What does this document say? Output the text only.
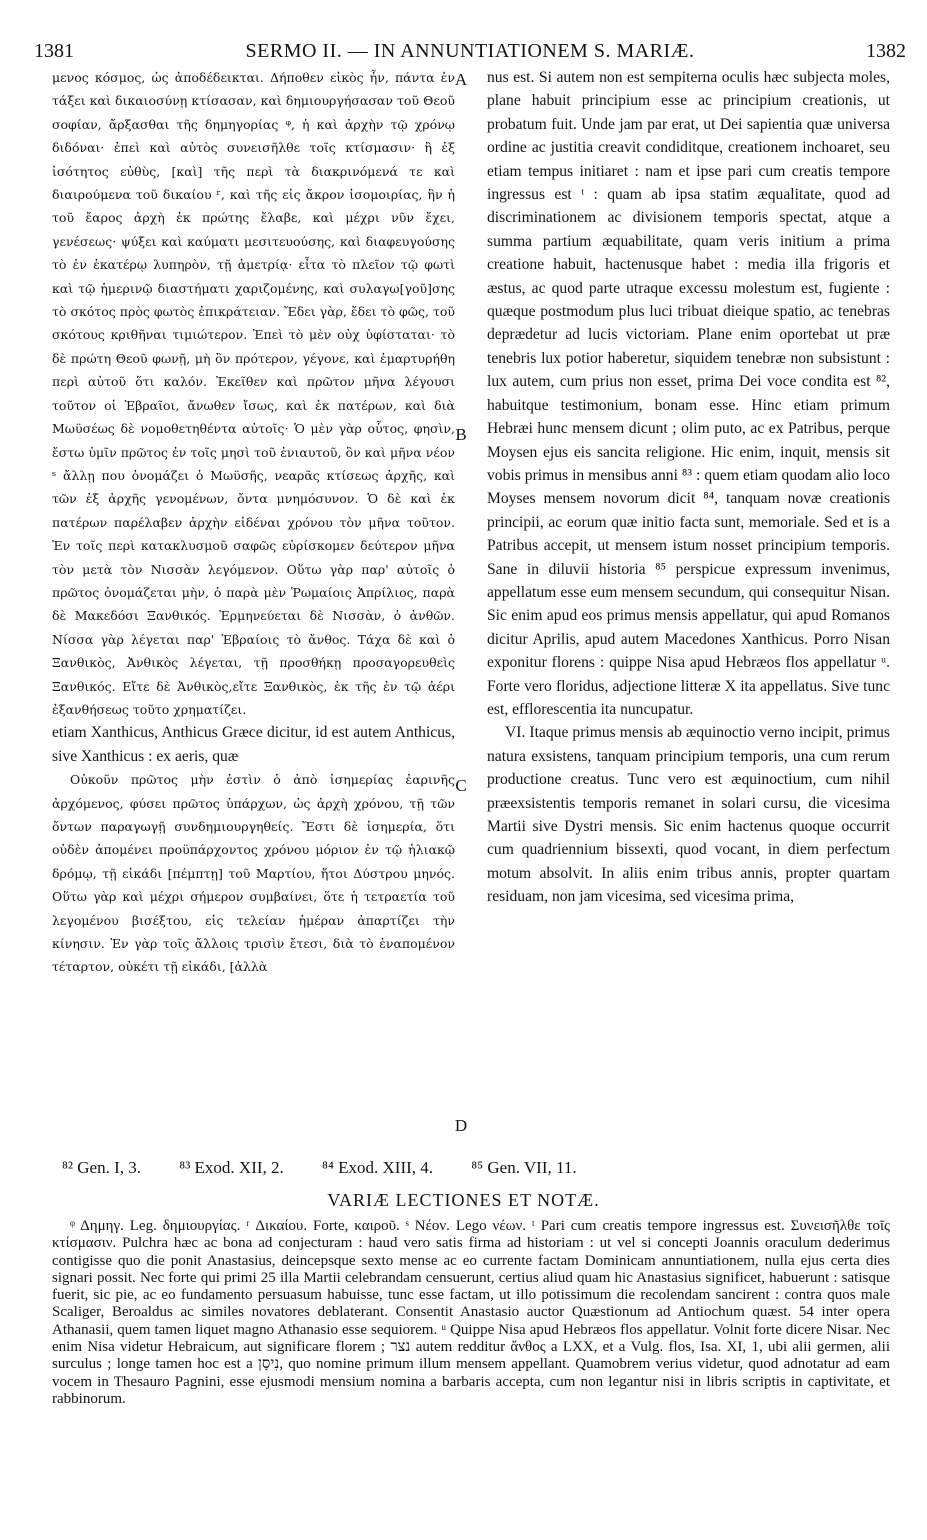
1381	SERMO II. — IN ANNUNTIATIONEM S. MARIÆ.	1382

μενος κόσμος, ὡς ἀποδέδεικται. Δήποθεν εἰκὸς ἦν, πάντα ἐν τάξει καὶ δικαιοσύνῃ κτίσασαν, καὶ δημιουργήσασαν τοῦ Θεοῦ σοφίαν, ἄρξασθαι τῆς δημηγορίας ᵠ, ἡ καὶ ἀρχὴν τῷ χρόνῳ διδόναι· ἐπεὶ καὶ αὐτὸς συνεισῆλθε τοῖς κτίσμασιν· ἢ ἐξ ἰσότητος εὐθὺς, [καὶ] τῆς περὶ τὰ διακρινόμενά τε καὶ διαιρούμενα τοῦ δικαίου ʳ, καὶ τῆς εἰς ἄκρον ἰσομοιρίας, ἣν ἡ τοῦ ἔαρος ἀρχὴ ἐκ πρώτης ἔλαβε, καὶ μέχρι νῦν ἔχει, γενέσεως· ψύξει καὶ καύματι μεσιτευούσης, καὶ διαφευγούσης τὸ ἐν ἑκατέρῳ λυπηρὸν, τῇ ἀμετρίᾳ· εἶτα τὸ πλεῖον τῷ φωτὶ καὶ τῷ ἡμερινῷ διαστήματι χαριζομένης, καὶ συλαγω[γοῦ]σης τὸ σκότος πρὸς φωτὸς ἐπικράτειαν. Ἔδει γὰρ, ἔδει τὸ φῶς, τοῦ σκότους κριθῆναι τιμιώτερον. Ἐπεὶ τὸ μὲν οὐχ ὑφίσταται· τὸ δὲ πρώτη Θεοῦ φωνῇ, μὴ ὂν πρότερον, γέγονε, καὶ ἐμαρτυρήθη περὶ αὐτοῦ ὅτι καλόν. Ἐκεῖθεν καὶ πρῶτον μῆνα λέγουσι τοῦτον οἱ Ἑβραῖοι, ἄνωθεν ἴσως, καὶ ἐκ πατέρων, καὶ διὰ Μωϋσέως δὲ νομοθετηθέντα αὐτοῖς· Ὁ μὲν γὰρ οὗτος, φησὶν, ἔστω ὑμῖν πρῶτος ἐν τοῖς μησὶ τοῦ ἐνιαυτοῦ, ὃν καὶ μῆνα νέον ˢ ἄλλῃ που ὀνομάζει ὁ Μωϋσῆς, νεαρᾶς κτίσεως ἀρχῆς, καὶ τῶν ἐξ ἀρχῆς γενομένων, ὄντα μνημόσυνον. Ὁ δὲ καὶ ἐκ πατέρων παρέλαβεν ἀρχὴν εἰδέναι χρόνου τὸν μῆνα τοῦτον. Ἐν τοῖς περὶ κατακλυσμοῦ σαφῶς εὑρίσκομεν δεύτερον μῆνα τὸν μετὰ τὸν Νισσὰν λεγόμενον. Οὕτω γὰρ παρ' αὐτοῖς ὁ πρῶτος ὀνομάζεται μὴν, ὁ παρὰ μὲν Ῥωμαίοις Ἀπρίλιος, παρὰ δὲ Μακεδόσι Ξανθικός. Ἑρμηνεύεται δὲ Νισσὰν, ὁ ἀνθῶν. Νίσσα γὰρ λέγεται παρ' Ἑβραίοις τὸ ἄνθος. Τάχα δὲ καὶ ὁ Ξανθικὸς, Ἀνθικὸς λέγεται, τῇ προσθήκῃ προσαγορευθεὶς Ξανθικός. Εἴτε δὲ Ἀνθικὸς,εἴτε Ξανθικὸς, ἐκ τῆς ἐν τῷ ἀέρι ἐξανθήσεως τοῦτο χρηματίζει.

etiam Xanthicus, Anthicus Græce dicitur, id est autem Anthicus, sive Xanthicus : ex aeris, quæ

Οὐκοῦν πρῶτος μὴν ἐστὶν ὁ ἀπὸ ἰσημερίας ἐαρινῆς ἀρχόμενος, φύσει πρῶτος ὑπάρχων, ὡς ἀρχὴ χρόνου, τῇ τῶν ὄντων παραγωγῇ συνδημιουργηθείς. Ἔστι δὲ ἰσημερία, ὅτι οὐδὲν ἀπομένει προϋπάρχοντος χρόνου μόριον ἐν τῷ ἡλιακῷ δρόμῳ, τῇ εἰκάδι [πέμπτῃ] τοῦ Μαρτίου, ἤτοι Δύστρου μηνός. Οὕτω γὰρ καὶ μέχρι σήμερον συμβαίνει, ὅτε ἡ τετραετία τοῦ λεγομένου βισέξτου, εἰς τελείαν ἡμέραν ἀπαρτίζει τὴν κίνησιν. Ἐν γὰρ τοῖς ἄλλοις τρισὶν ἔτεσι, διὰ τὸ ἐναπομένον τέταρτον, οὐκέτι τῇ εἰκάδι, [ἀλλὰ

A
B
C
D

nus est. Si autem non est sempiterna oculis hæc subjecta moles, plane habuit principium esse ac principium creationis, ut probatum fuit. Unde jam par erat, ut Dei sapientia quæ universa ordine ac justitia creavit condiditque, creationem inchoaret, seu etiam tempus initiaret : nam et ipse pari cum creatis tempore ingressus est ᵗ : quam ab ipsa statim æqualitate, quod ad discriminationem ac divisionem temporis spectat, atque a summa partium æquabilitate, quam veris initium a prima creatione habuit, hactenusque habet : media illa frigoris et æstus, ac quod parte utraque excessu molestum est, fugiente : quæque postmodum plus luci tribuat dieique spatio, ac tenebras deprædetur ad lucis victoriam. Plane enim oportebat ut præ tenebris lux potior haberetur, siquidem tenebræ non subsistunt : lux autem, cum prius non esset, prima Dei voce condita est ⁸², habuitque testimonium, bonam esse. Hinc etiam primum Hebræi hunc mensem dicunt ; olim puto, ac ex Patribus, perque Moysen ejus eis sancita religione. Hic enim, inquit, mensis sit vobis primus in mensibus anni ⁸³ : quem etiam quodam alio loco Moyses mensem novorum dicit ⁸⁴, tanquam novæ creationis principii, ac eorum quæ initio facta sunt, memoriale. Sed et is a Patribus accepit, ut mensem istum nosset principium temporis. Sane in diluvii historia ⁸⁵ perspicue expressum invenimus, appellatum esse eum mensem secundum, qui consequitur Nisan. Sic enim apud eos primus mensis appellatur, qui apud Romanos dicitur Aprilis, apud autem Macedones Xanthicus. Porro Nisan exponitur florens : quippe Nisa apud Hebræos flos appellatur ᵘ. Forte vero floridus, adjectione litteræ X ita appellatus. Sive tunc est, efflorescentia ita nuncupatur.

VI. Itaque primus mensis ab æquinoctio verno incipit, primus natura exsistens, tanquam principium temporis, una cum rerum productione creatus. Tunc vero est æquinoctium, cum nihil præexsistentis temporis remanet in solari cursu, die vicesima Martii sive Dystri mensis. Sic enim hactenus quoque occurrit cum quadriennium bissexti, quod vocant, in diem perfectum motum absolvit. In aliis enim tribus annis, propter quartam residuam, non jam vicesima, sed vicesima prima,

⁸² Gen. I, 3. ⁸³ Exod. XII, 2. ⁸⁴ Exod. XIII, 4. ⁸⁵ Gen. VII, 11.
VARIÆ LECTIONES ET NOTÆ.

ᵠ Δημηγ. Leg. δημιουργίας. ʳ Δικαίου. Forte, καιροῦ. ˢ Νέον. Lego νέων. ᵗ Pari cum creatis tempore ingressus est. Συνεισῆλθε τοῖς κτίσμασιν. Pulchra hæc ac bona ad conjecturam : haud vero satis firma ad historiam : ut vel si concepti Joannis oraculum dederimus contigisse quo die ponit Anastasius, deincepsque sexto mense ac eo currente factam Dominicam annuntiationem, nulla ejus certa dies signari possit. Nec forte qui primi 25 illa Martii celebrandam censuerunt, certius aliud quam hic Anastasius significet, habuerunt : satisque fuerit, sic pie, ac eo fundamento persuasum habuisse, tunc esse factam, ut illo potissimum die recolendam sancirent : contra quos male Scaliger, Beroaldus ac similes novatores deblaterant. Consentit Anastasio auctor Quæstionum ad Antiochum quæst. 54 inter opera Athanasii, quem tamen liquet magno Athanasio esse sequiorem. ᵘ Quippe Nisa apud Hebræos flos appellatur. Volnit forte dicere Nisar. Nec enim Nisa videtur Hebraicum, aut significare florem ; נצר autem redditur ἄνθος a LXX, et a Vulg. flos, Isa. XI, 1, ubi alii germen, alii surculus ; longe tamen hoc est a נִיסָן, quo nomine primum illum mensem appellant. Quamobrem verius videtur, quod adnotatur ad eam vocem in Thesauro Pagnini, esse ejusmodi mensium nomina a barbaris accepta, cum non legantur nisi in libris scriptis in captivitate, et rabbinorum.
